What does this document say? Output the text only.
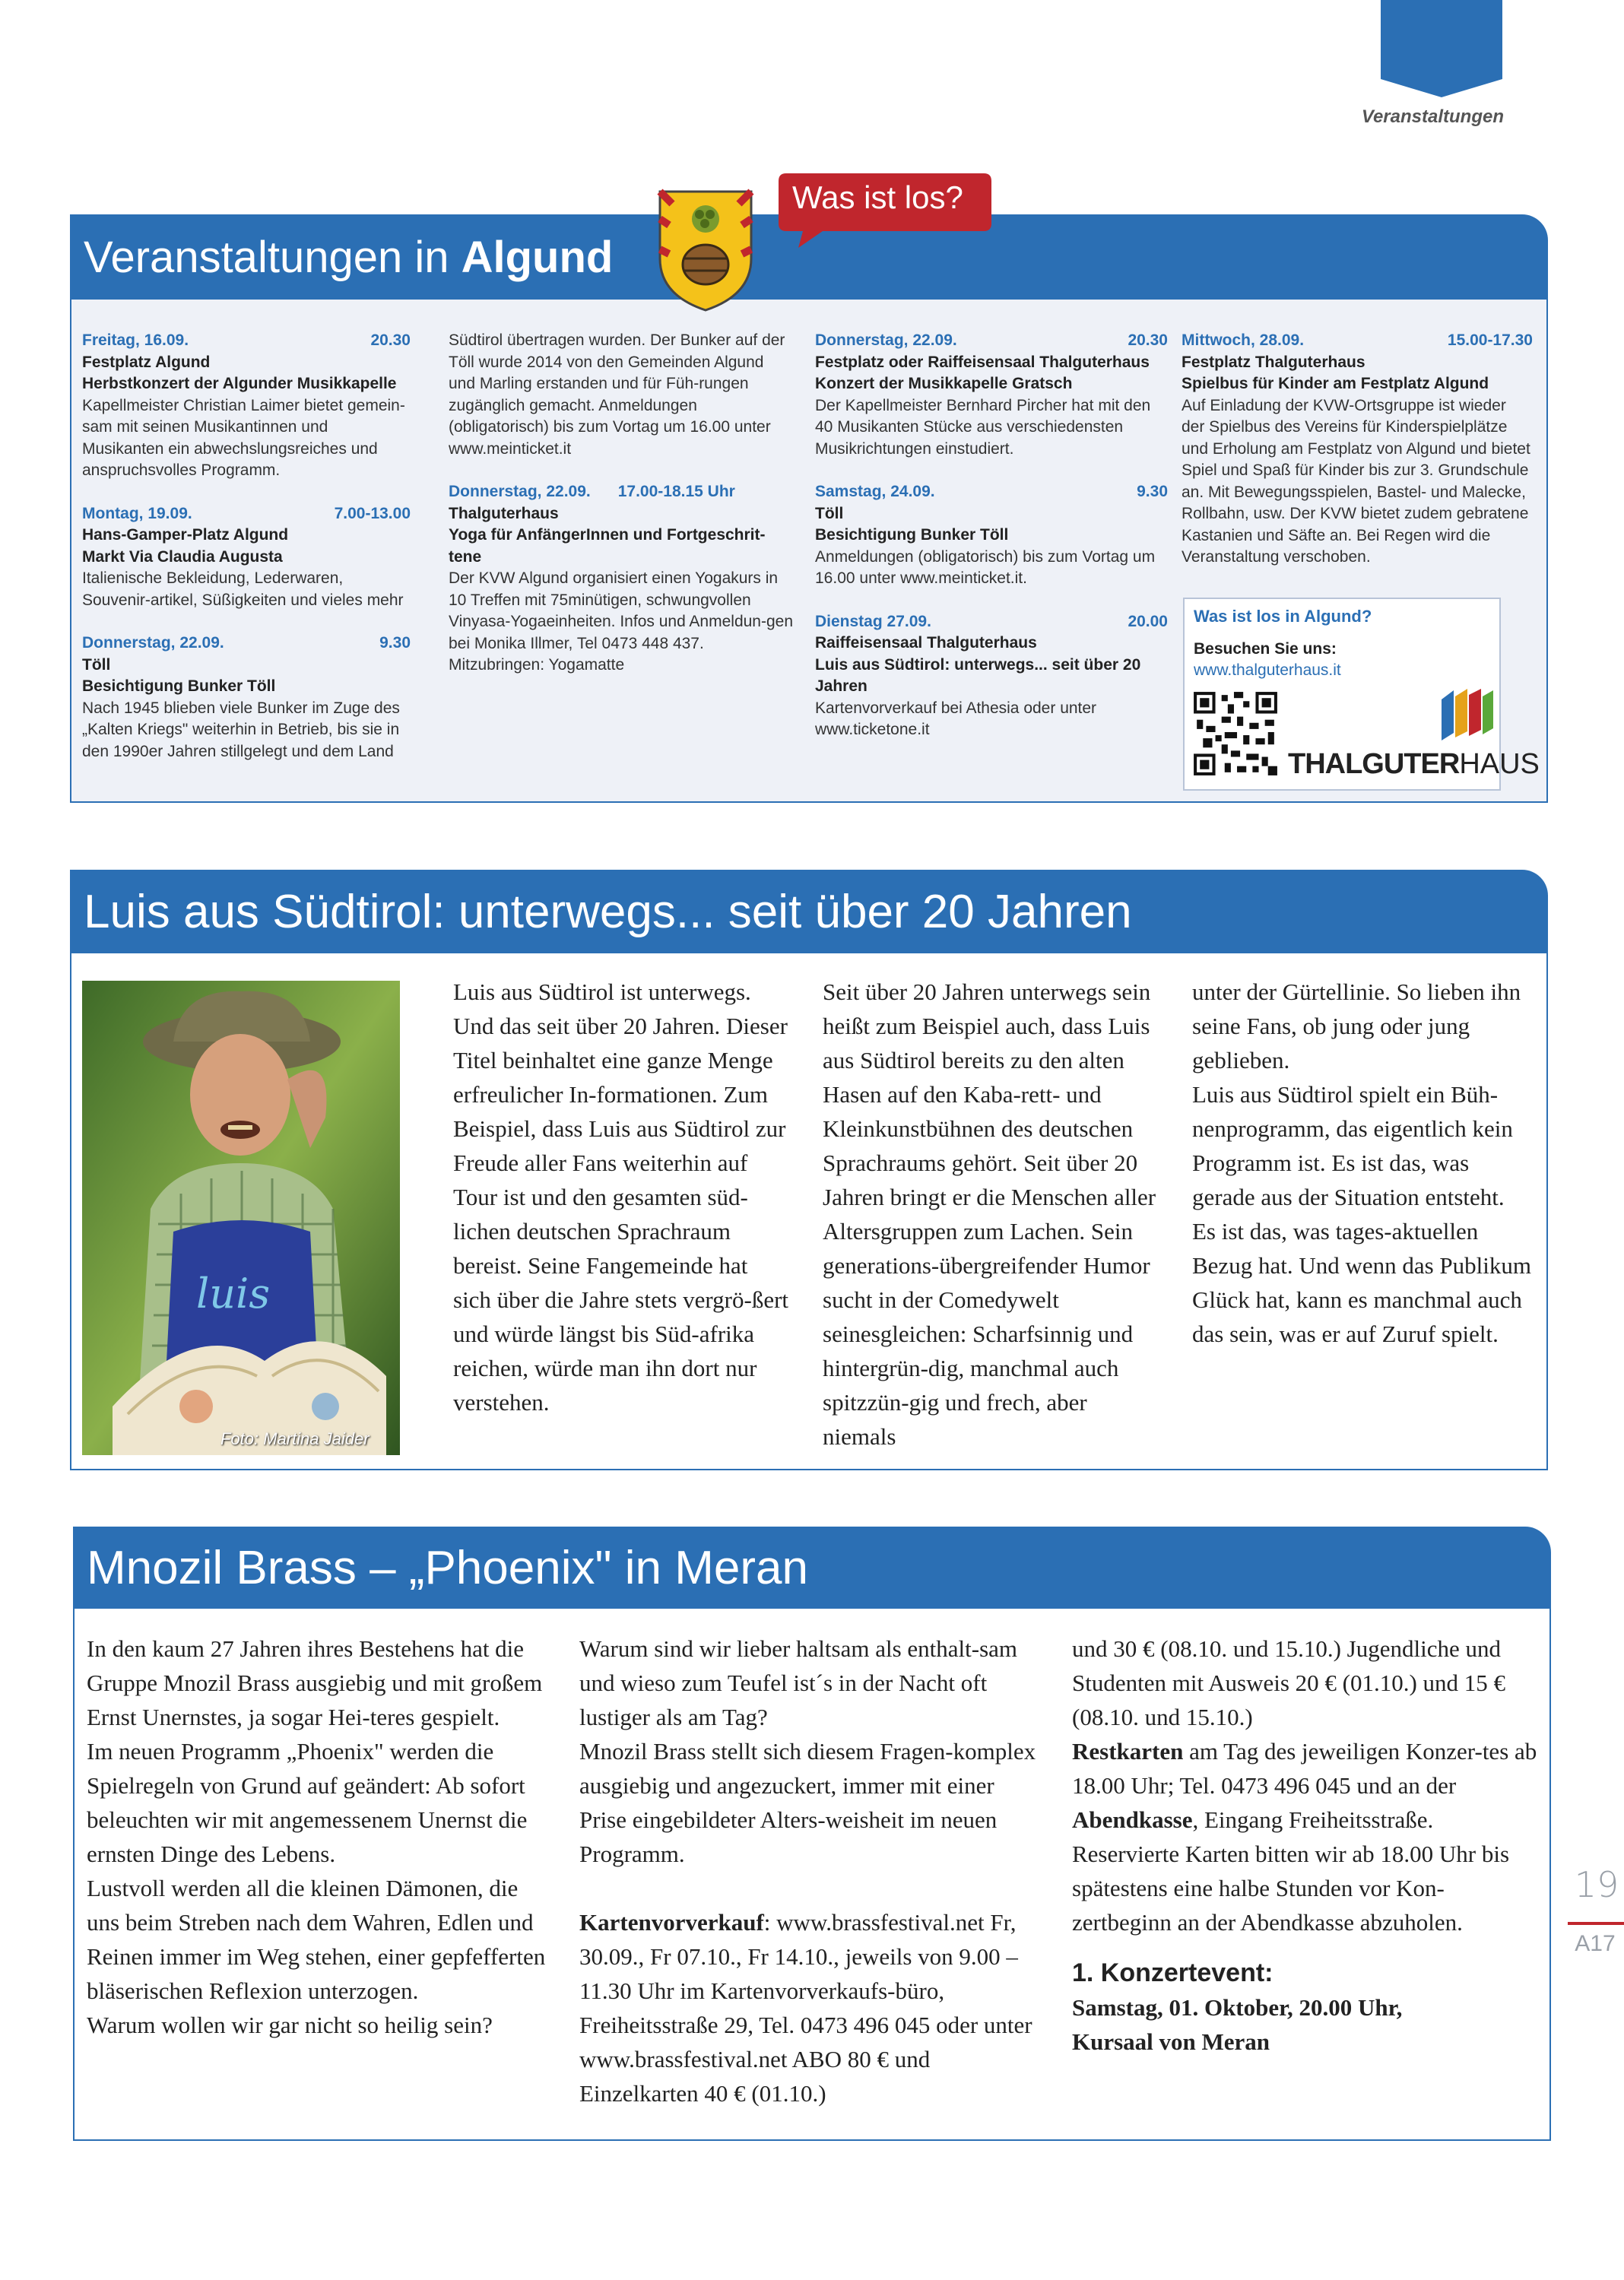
Veranstaltungen
Veranstaltungen in Algund
Was ist los?

Freitag, 16.09.	20.30

Festplatz Algund

Herbstkonzert der Algunder Musikkapelle

Kapellmeister Christian Laimer bietet gemein-sam mit seinen Musikantinnen und Musikanten ein abwechslungsreiches und anspruchsvolles Programm.

Montag, 19.09.	7.00-13.00

Hans-Gamper-Platz Algund

Markt Via Claudia Augusta

Italienische Bekleidung, Lederwaren, Souvenir-artikel, Süßigkeiten und vieles mehr

Donnerstag, 22.09.	9.30

Töll

Besichtigung Bunker Töll

Nach 1945 blieben viele Bunker im Zuge des „Kalten Kriegs" weiterhin in Betrieb, bis sie in den 1990er Jahren stillgelegt und dem Land

Südtirol übertragen wurden. Der Bunker auf der Töll wurde 2014 von den Gemeinden Algund und Marling erstanden und für Füh-rungen zugänglich gemacht. Anmeldungen (obligatorisch) bis zum Vortag um 16.00 unter www.meinticket.it

Donnerstag, 22.09. 17.00-18.15 Uhr

Thalguterhaus

Yoga für AnfängerInnen und Fortgeschrit-tene

Der KVW Algund organisiert einen Yogakurs in 10 Treffen mit 75minütigen, schwungvollen Vinyasa-Yogaeinheiten. Infos und Anmeldun-gen bei Monika Illmer, Tel 0473 448 437. Mitzubringen: Yogamatte

Donnerstag, 22.09.	20.30

Festplatz oder Raiffeisensaal Thalguterhaus

Konzert der Musikkapelle Gratsch

Der Kapellmeister Bernhard Pircher hat mit den 40 Musikanten Stücke aus verschiedensten Musikrichtungen einstudiert.

Samstag, 24.09.	9.30

Töll

Besichtigung Bunker Töll

Anmeldungen (obligatorisch) bis zum Vortag um 16.00 unter www.meinticket.it.

Dienstag 27.09.	20.00

Raiffeisensaal Thalguterhaus

Luis aus Südtirol: unterwegs... seit über 20 Jahren

Kartenvorverkauf bei Athesia oder unter www.ticketone.it

Mittwoch, 28.09.	15.00-17.30

Festplatz Thalguterhaus

Spielbus für Kinder am Festplatz Algund

Auf Einladung der KVW-Ortsgruppe ist wieder der Spielbus des Vereins für Kinderspielplätze und Erholung am Festplatz von Algund und bietet Spiel und Spaß für Kinder bis zur 3. Grundschule an. Mit Bewegungsspielen, Bastel- und Malecke, Rollbahn, usw. Der KVW bietet zudem gebratene Kastanien und Säfte an. Bei Regen wird die Veranstaltung verschoben.

Was ist los in Algund?
Besuchen Sie uns:
www.thalguterhaus.it
THALGUTERHAUS
Luis aus Südtirol: unterwegs... seit über 20 Jahren
luis
Foto: Martina Jaider

Luis aus Südtirol ist unterwegs. Und das seit über 20 Jahren. Dieser Titel beinhaltet eine ganze Menge erfreulicher In-formationen. Zum Beispiel, dass Luis aus Südtirol zur Freude aller Fans weiterhin auf Tour ist und den gesamten süd-lichen deutschen Sprachraum bereist. Seine Fangemeinde hat sich über die Jahre stets vergrö-ßert und würde längst bis Süd-afrika reichen, würde man ihn dort nur verstehen.

Seit über 20 Jahren unterwegs sein heißt zum Beispiel auch, dass Luis aus Südtirol bereits zu den alten Hasen auf den Kaba-rett- und Kleinkunstbühnen des deutschen Sprachraums gehört. Seit über 20 Jahren bringt er die Menschen aller Altersgruppen zum Lachen. Sein generations-übergreifender Humor sucht in der Comedywelt seinesgleichen: Scharfsinnig und hintergrün-dig, manchmal auch spitzzün-gig und frech, aber niemals

unter der Gürtellinie. So lieben ihn seine Fans, ob jung oder jung geblieben.

Luis aus Südtirol spielt ein Büh-nenprogramm, das eigentlich kein Programm ist. Es ist das, was gerade aus der Situation entsteht. Es ist das, was tages-aktuellen Bezug hat. Und wenn das Publikum Glück hat, kann es manchmal auch das sein, was er auf Zuruf spielt.

Mnozil Brass – „Phoenix" in Meran

In den kaum 27 Jahren ihres Bestehens hat die Gruppe Mnozil Brass ausgiebig und mit großem Ernst Unernstes, ja sogar Hei-teres gespielt.

Im neuen Programm „Phoenix" werden die Spielregeln von Grund auf geändert: Ab sofort beleuchten wir mit angemessenem Unernst die ernsten Dinge des Lebens.

Lustvoll werden all die kleinen Dämonen, die uns beim Streben nach dem Wahren, Edlen und Reinen immer im Weg stehen, einer gepfefferten bläserischen Reflexion unterzogen.

Warum wollen wir gar nicht so heilig sein?

Warum sind wir lieber haltsam als enthalt-sam und wieso zum Teufel ist´s in der Nacht oft lustiger als am Tag?

Mnozil Brass stellt sich diesem Fragen-komplex ausgiebig und angezuckert, immer mit einer Prise eingebildeter Alters-weisheit im neuen Programm.

Kartenvorverkauf: www.brassfestival.net Fr, 30.09., Fr 07.10., Fr 14.10., jeweils von 9.00 – 11.30 Uhr im Kartenvorverkaufs-büro, Freiheitsstraße 29, Tel. 0473 496 045 oder unter www.brassfestival.net ABO 80 € und Einzelkarten 40 € (01.10.)

und 30 € (08.10. und 15.10.) Jugendliche und Studenten mit Ausweis 20 € (01.10.) und 15 € (08.10. und 15.10.)

Restkarten am Tag des jeweiligen Konzer-tes ab 18.00 Uhr; Tel. 0473 496 045 und an der Abendkasse, Eingang Freiheitsstraße. Reservierte Karten bitten wir ab 18.00 Uhr bis spätestens eine halbe Stunden vor Kon-zertbeginn an der Abendkasse abzuholen.

1. Konzertevent:

Samstag, 01. Oktober, 20.00 Uhr,

Kursaal von Meran

19
A17
